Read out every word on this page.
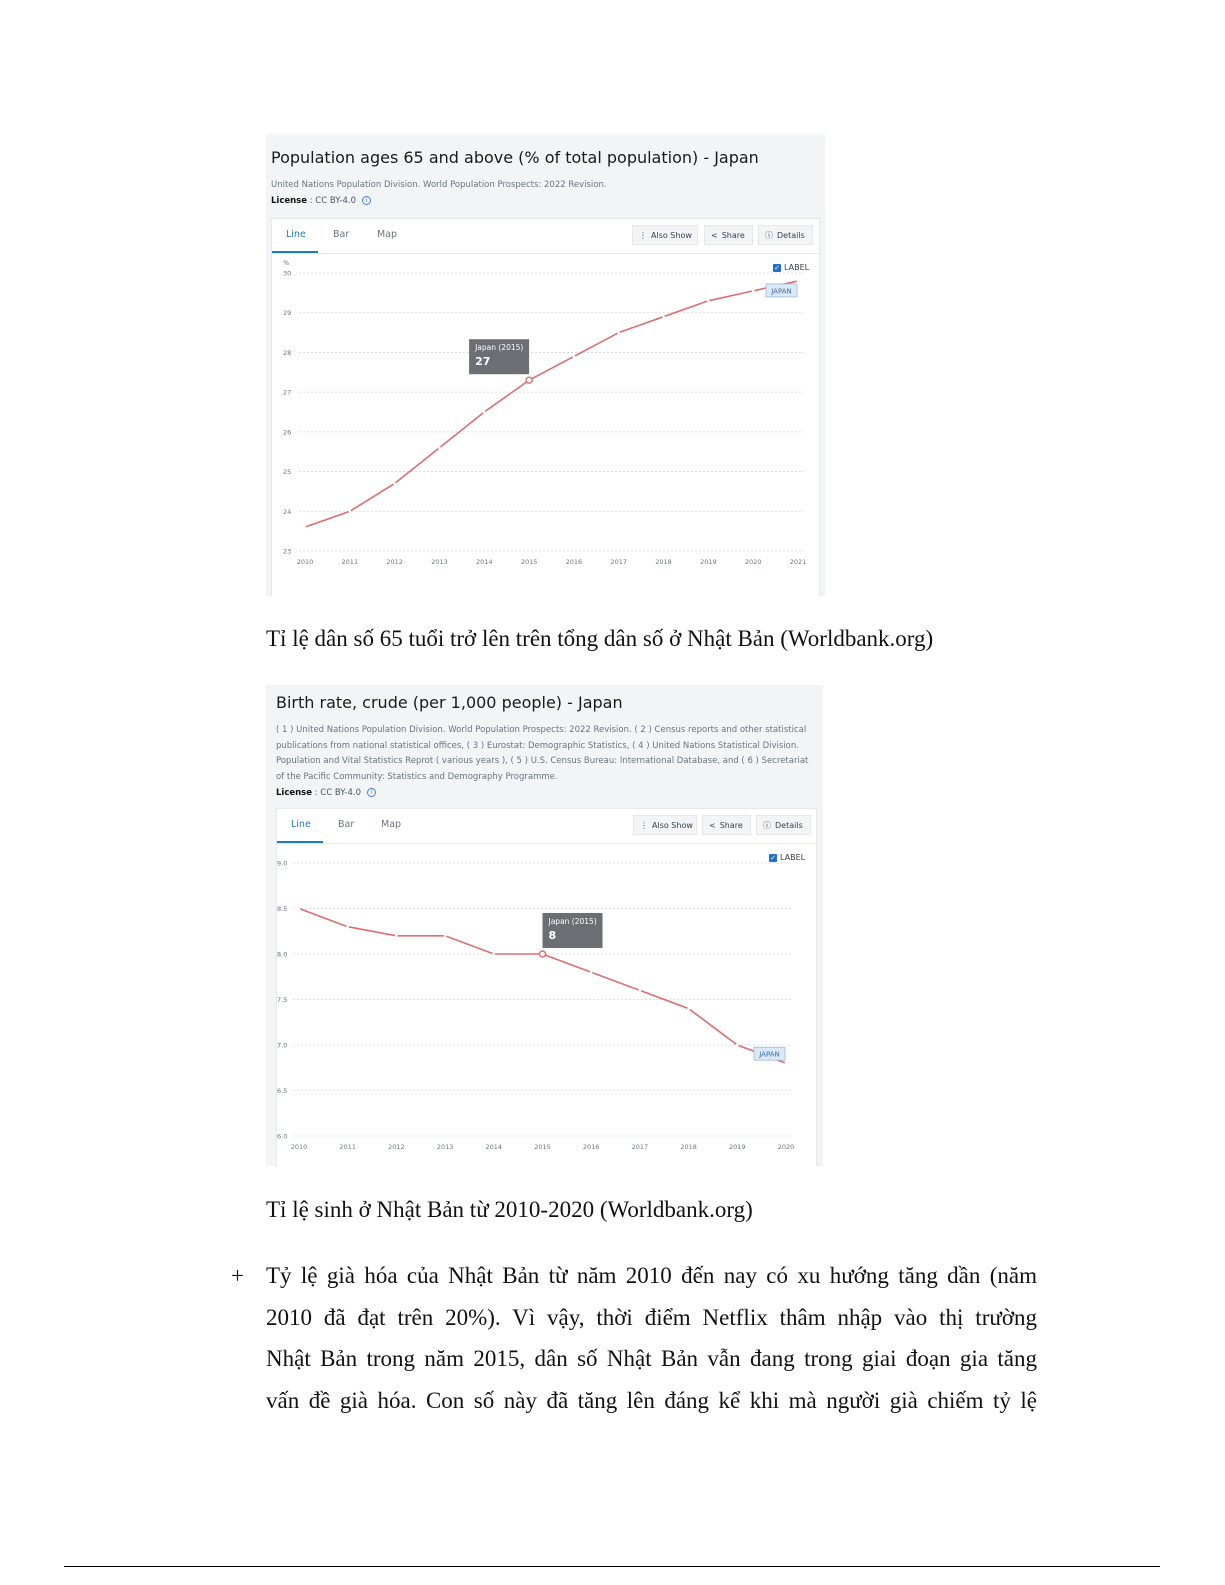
Population ages 65 and above (% of total population) - Japan
United Nations Population Division. World Population Prospects: 2022 Revision.
License : CC BY-4.0 i
Line	Bar	Map	⋮ Also Show	< Share	ⓘ Details
✓ LABEL
%
23
24
25
26
27
28
29
30
2010	2011	2012	2013	2014	2015	2016	2017	2018	2019	2020	2021
Japan (2015)
27
JAPAN
Tỉ lệ dân số 65 tuổi trở lên trên tổng dân số ở Nhật Bản (Worldbank.org)
Birth rate, crude (per 1,000 people) - Japan
( 1 ) United Nations Population Division. World Population Prospects: 2022 Revision. ( 2 ) Census reports and other statistical publications from national statistical offices, ( 3 ) Eurostat: Demographic Statistics, ( 4 ) United Nations Statistical Division. Population and Vital Statistics Reprot ( various years ), ( 5 ) U.S. Census Bureau: International Database, and ( 6 ) Secretariat of the Pacific Community: Statistics and Demography Programme.
License : CC BY-4.0 i
Line	Bar	Map	⋮ Also Show	< Share	ⓘ Details
✓ LABEL
6.0
6.5
7.0
7.5
8.0
8.5
9.0
2010	2011	2012	2013	2014	2015	2016	2017	2018	2019	2020
Japan (2015)
8
JAPAN
Tỉ lệ sinh ở Nhật Bản từ 2010-2020 (Worldbank.org)
+ Tỷ lệ già hóa của Nhật Bản từ năm 2010 đến nay có xu hướng tăng dần (năm
2010 đã đạt trên 20%). Vì vậy, thời điểm Netflix thâm nhập vào thị trường
Nhật Bản trong năm 2015, dân số Nhật Bản vẫn đang trong giai đoạn gia tăng
vấn đề già hóa. Con số này đã tăng lên đáng kể khi mà người già chiếm tỷ lệ
